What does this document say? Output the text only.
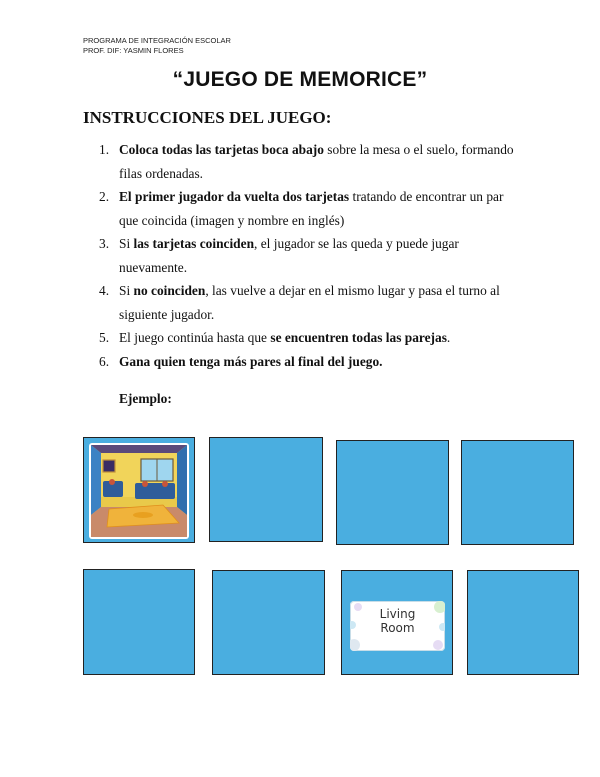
PROGRAMA DE INTEGRACIÓN ESCOLAR
PROF. DIF: YASMIN FLORES
“JUEGO DE MEMORICE”
INSTRUCCIONES DEL JUEGO:
1. Coloca todas las tarjetas boca abajo sobre la mesa o el suelo, formando filas ordenadas.
2. El primer jugador da vuelta dos tarjetas tratando de encontrar un par que coincida (imagen y nombre en inglés)
3. Si las tarjetas coinciden, el jugador se las queda y puede jugar nuevamente.
4. Si no coinciden, las vuelve a dejar en el mismo lugar y pasa el turno al siguiente jugador.
5. El juego continúa hasta que se encuentren todas las parejas.
6. Gana quien tenga más pares al final del juego.
Ejemplo:
Living
Room
